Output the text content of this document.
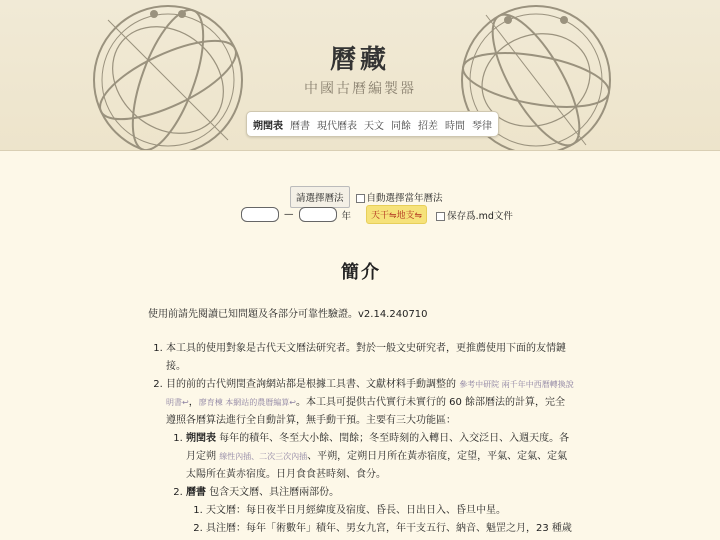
曆藏
中國古曆編製器
朔閏表 曆書 現代曆表 天文 同餘 招差 時間 琴律
請選擇曆法	自動選擇當年曆法
—	年	天干⇋地支⇋	保存爲.md文件
簡介

使用前請先閱讀已知問題及各部分可靠性驗證。v2.14.240710

1. 本工具的使用對象是古代天文曆法研究者。對於一般文史研究者，更推薦使用下面的友情鏈接。
2. 目的前的古代朔閏查詢網站都是根據工具書、文獻材料手動調整的 參考中研院 兩千年中西曆轉換說明書↩，廖育棟 本網站的農曆編算↩。本工具可提供古代實行未實行的 60 餘部曆法的計算，完全遵照各曆算法進行全自動計算，無手動干預。主要有三大功能區：
1. 朔閏表 每年的積年、冬至大小餘、閏餘；冬至時刻的入轉日、入交泛日、入週天度。各月定朔 線性內插、二次三次內插、平朔，定朔日月所在黃赤宿度，定望，平氣、定氣、定氣太陽所在黃赤宿度。日月食食甚時刻、食分。
2. 曆書 包含天文曆、具注曆兩部份。
1. 天文曆：每日夜半日月經緯度及宿度、昏長、日出日入、昏旦中星。
2. 具注曆：每年「術數年」積年、男女九宮，年干支五行、納音、魁罡之月，23 種歲
